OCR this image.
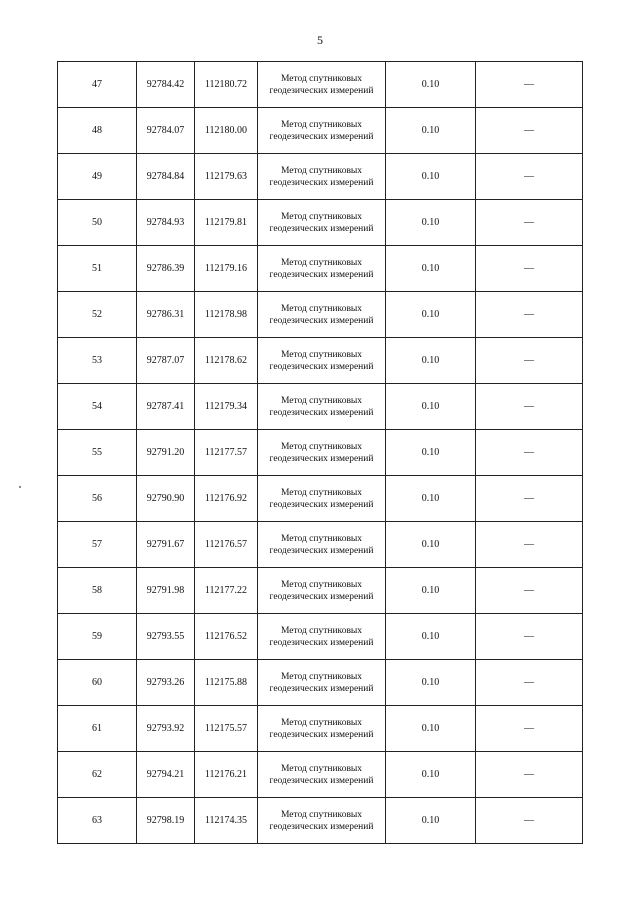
5
47	92784.42	112180.72	Метод спутниковых
геодезических измерений	0.10	—
48	92784.07	112180.00	Метод спутниковых
геодезических измерений	0.10	—
49	92784.84	112179.63	Метод спутниковых
геодезических измерений	0.10	—
50	92784.93	112179.81	Метод спутниковых
геодезических измерений	0.10	—
51	92786.39	112179.16	Метод спутниковых
геодезических измерений	0.10	—
52	92786.31	112178.98	Метод спутниковых
геодезических измерений	0.10	—
53	92787.07	112178.62	Метод спутниковых
геодезических измерений	0.10	—
54	92787.41	112179.34	Метод спутниковых
геодезических измерений	0.10	—
55	92791.20	112177.57	Метод спутниковых
геодезических измерений	0.10	—
56	92790.90	112176.92	Метод спутниковых
геодезических измерений	0.10	—
57	92791.67	112176.57	Метод спутниковых
геодезических измерений	0.10	—
58	92791.98	112177.22	Метод спутниковых
геодезических измерений	0.10	—
59	92793.55	112176.52	Метод спутниковых
геодезических измерений	0.10	—
60	92793.26	112175.88	Метод спутниковых
геодезических измерений	0.10	—
61	92793.92	112175.57	Метод спутниковых
геодезических измерений	0.10	—
62	92794.21	112176.21	Метод спутниковых
геодезических измерений	0.10	—
63	92798.19	112174.35	Метод спутниковых
геодезических измерений	0.10	—
